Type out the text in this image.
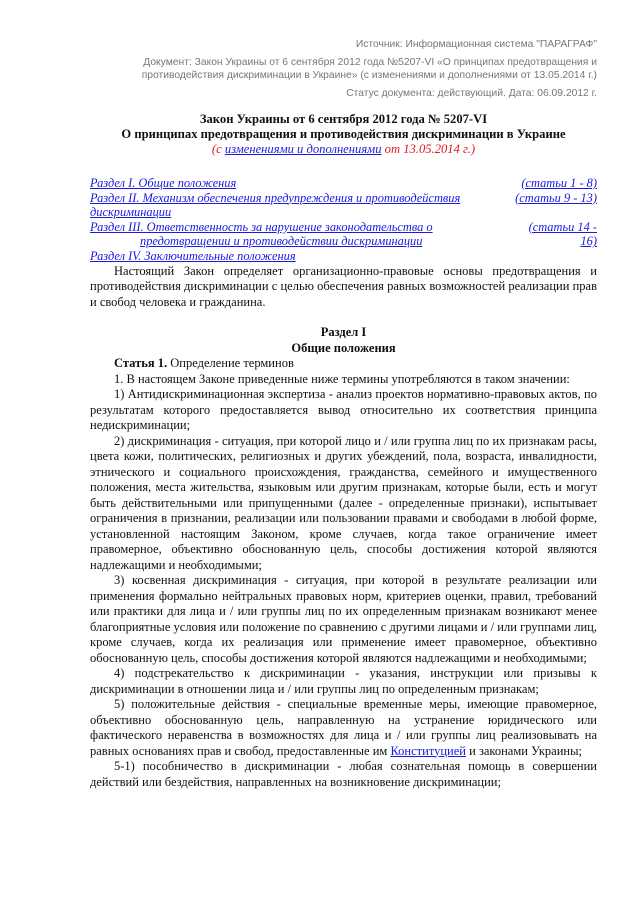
Источник: Информационная система "ПАРАГРАФ"

Документ: Закон Украины от 6 сентября 2012 года №5207-VI «О принципах предотвращения и противодействия дискриминации в Украине» (с изменениями и дополнениями от 13.05.2014 г.)

Статус документа: действующий. Дата: 06.09.2012 г.

Закон Украины от 6 сентября 2012 года № 5207-VI
О принципах предотвращения и противодействия дискриминации в Украине
(с изменениями и дополнениями от 13.05.2014 г.)
Раздел I. Общие положения	(статьи 1 - 8)
Раздел II. Механизм обеспечения предупреждения и противодействия дискриминации
(статьи 9 - 13)
Раздел III. Ответственность за нарушение законодательства о

предотвращении и противодействии дискриминации
(статьи 14 -
16)
Раздел IV. Заключительные положения

Настоящий Закон определяет организационно-правовые основы предотвращения и противодействия дискриминации с целью обеспечения равных возможностей реализации прав и свобод человека и гражданина.

Раздел I
Общие положения

Статья 1. Определение терминов

1. В настоящем Законе приведенные ниже термины употребляются в таком значении:

1) Антидискриминационная экспертиза - анализ проектов нормативно-правовых актов, по результатам которого предоставляется вывод относительно их соответствия принципа недискриминации;

2) дискриминация - ситуация, при которой лицо и / или группа лиц по их признакам расы, цвета кожи, политических, религиозных и других убеждений, пола, возраста, инвалидности, этнического и социального происхождения, гражданства, семейного и имущественного положения, места жительства, языковым или другим признакам, которые были, есть и могут быть действительными или припущенными (далее - определенные признаки), испытывает ограничения в признании, реализации или пользовании правами и свободами в любой форме, установленной настоящим Законом, кроме случаев, когда такое ограничение имеет правомерное, объективно обоснованную цель, способы достижения которой являются надлежащими и необходимыми;

3) косвенная дискриминация - ситуация, при которой в результате реализации или применения формально нейтральных правовых норм, критериев оценки, правил, требований или практики для лица и / или группы лиц по их определенным признакам возникают менее благоприятные условия или положение по сравнению с другими лицами и / или группами лиц, кроме случаев, когда их реализация или применение имеет правомерное, объективно обоснованную цель, способы достижения которой являются надлежащими и необходимыми;

4) подстрекательство к дискриминации - указания, инструкции или призывы к дискриминации в отношении лица и / или группы лиц по определенным признакам;

5) положительные действия - специальные временные меры, имеющие правомерное, объективно обоснованную цель, направленную на устранение юридического или фактического неравенства в возможностях для лица и / или группы лиц реализовывать на равных основаниях прав и свобод, предоставленные им Конституцией и законами Украины;

5-1) пособничество в дискриминации - любая сознательная помощь в совершении действий или бездействия, направленных на возникновение дискриминации;
